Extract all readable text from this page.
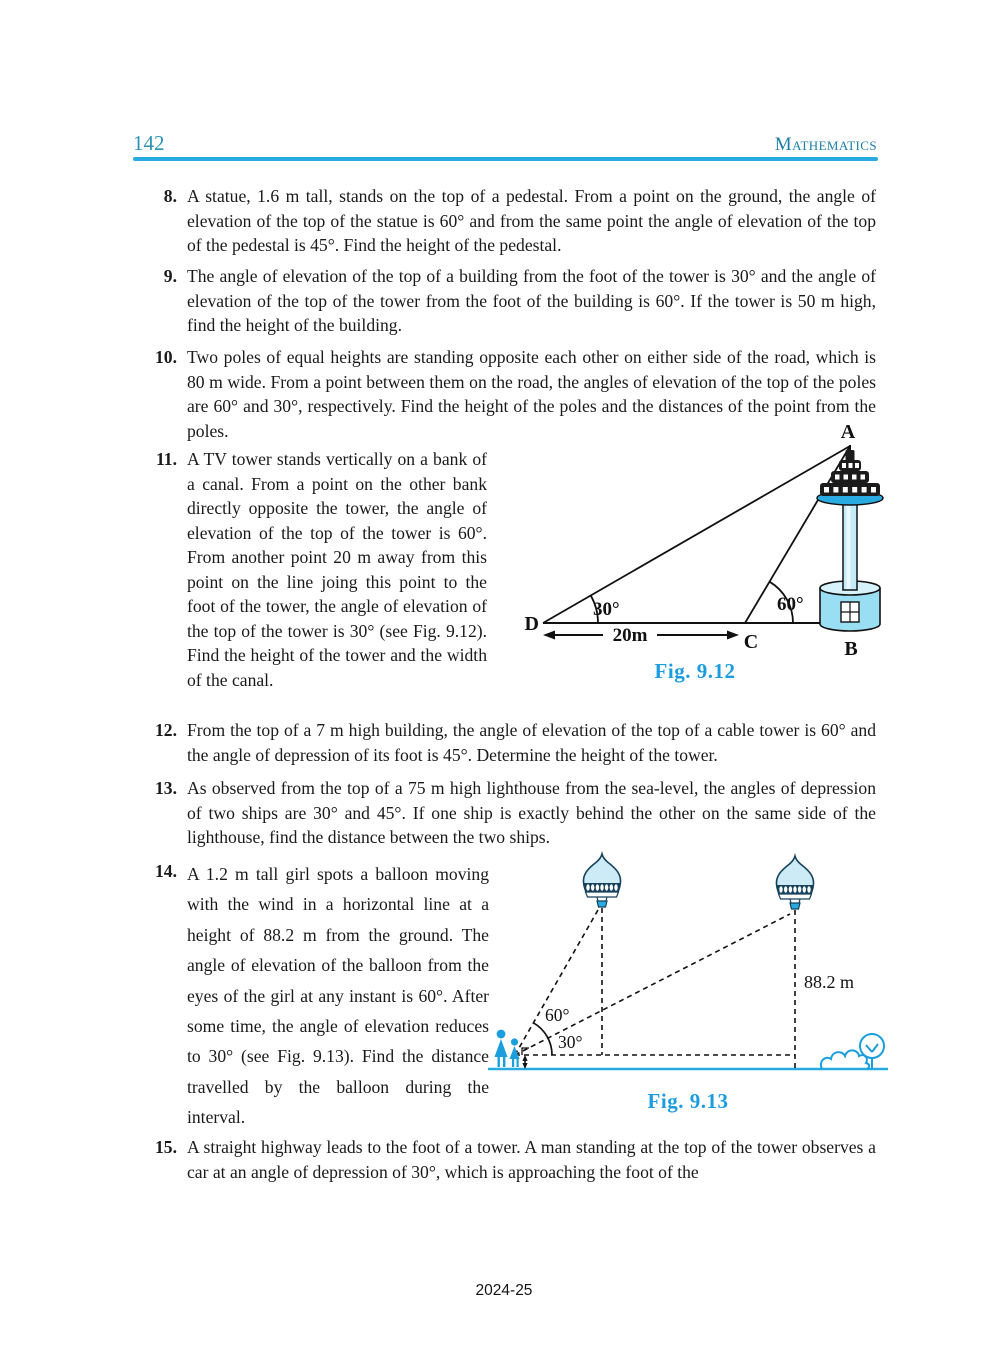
142	Mathematics
8. A statue, 1.6 m tall, stands on the top of a pedestal. From a point on the ground, the angle of elevation of the top of the statue is 60° and from the same point the angle of elevation of the top of the pedestal is 45°. Find the height of the pedestal.
9. The angle of elevation of the top of a building from the foot of the tower is 30° and the angle of elevation of the top of the tower from the foot of the building is 60°. If the tower is 50 m high, find the height of the building.
10. Two poles of equal heights are standing opposite each other on either side of the road, which is 80 m wide. From a point between them on the road, the angles of elevation of the top of the poles are 60° and 30°, respectively. Find the height of the poles and the distances of the point from the poles.
11. A TV tower stands vertically on a bank of a canal. From a point on the other bank directly opposite the tower, the angle of elevation of the top of the tower is 60°. From another point 20 m away from this point on the line joing this point to the foot of the tower, the angle of elevation of the top of the tower is 30° (see Fig. 9.12). Find the height of the tower and the width of the canal.
12. From the top of a 7 m high building, the angle of elevation of the top of a cable tower is 60° and the angle of depression of its foot is 45°. Determine the height of the tower.
13. As observed from the top of a 75 m high lighthouse from the sea-level, the angles of depression of two ships are 30° and 45°. If one ship is exactly behind the other on the same side of the lighthouse, find the distance between the two ships.
14. A 1.2 m tall girl spots a balloon moving with the wind in a horizontal line at a height of 88.2 m from the ground. The angle of elevation of the balloon from the eyes of the girl at any instant is 60°. After some time, the angle of elevation reduces to 30° (see Fig. 9.13). Find the distance travelled by the balloon during the interval.
15. A straight highway leads to the foot of a tower. A man standing at the top of the tower observes a car at an angle of depression of 30°, which is approaching the foot of the
A
D
C	B
30°	60°
20m
Fig. 9.12
60°
30°
88.2 m
Fig. 9.13
2024-25
